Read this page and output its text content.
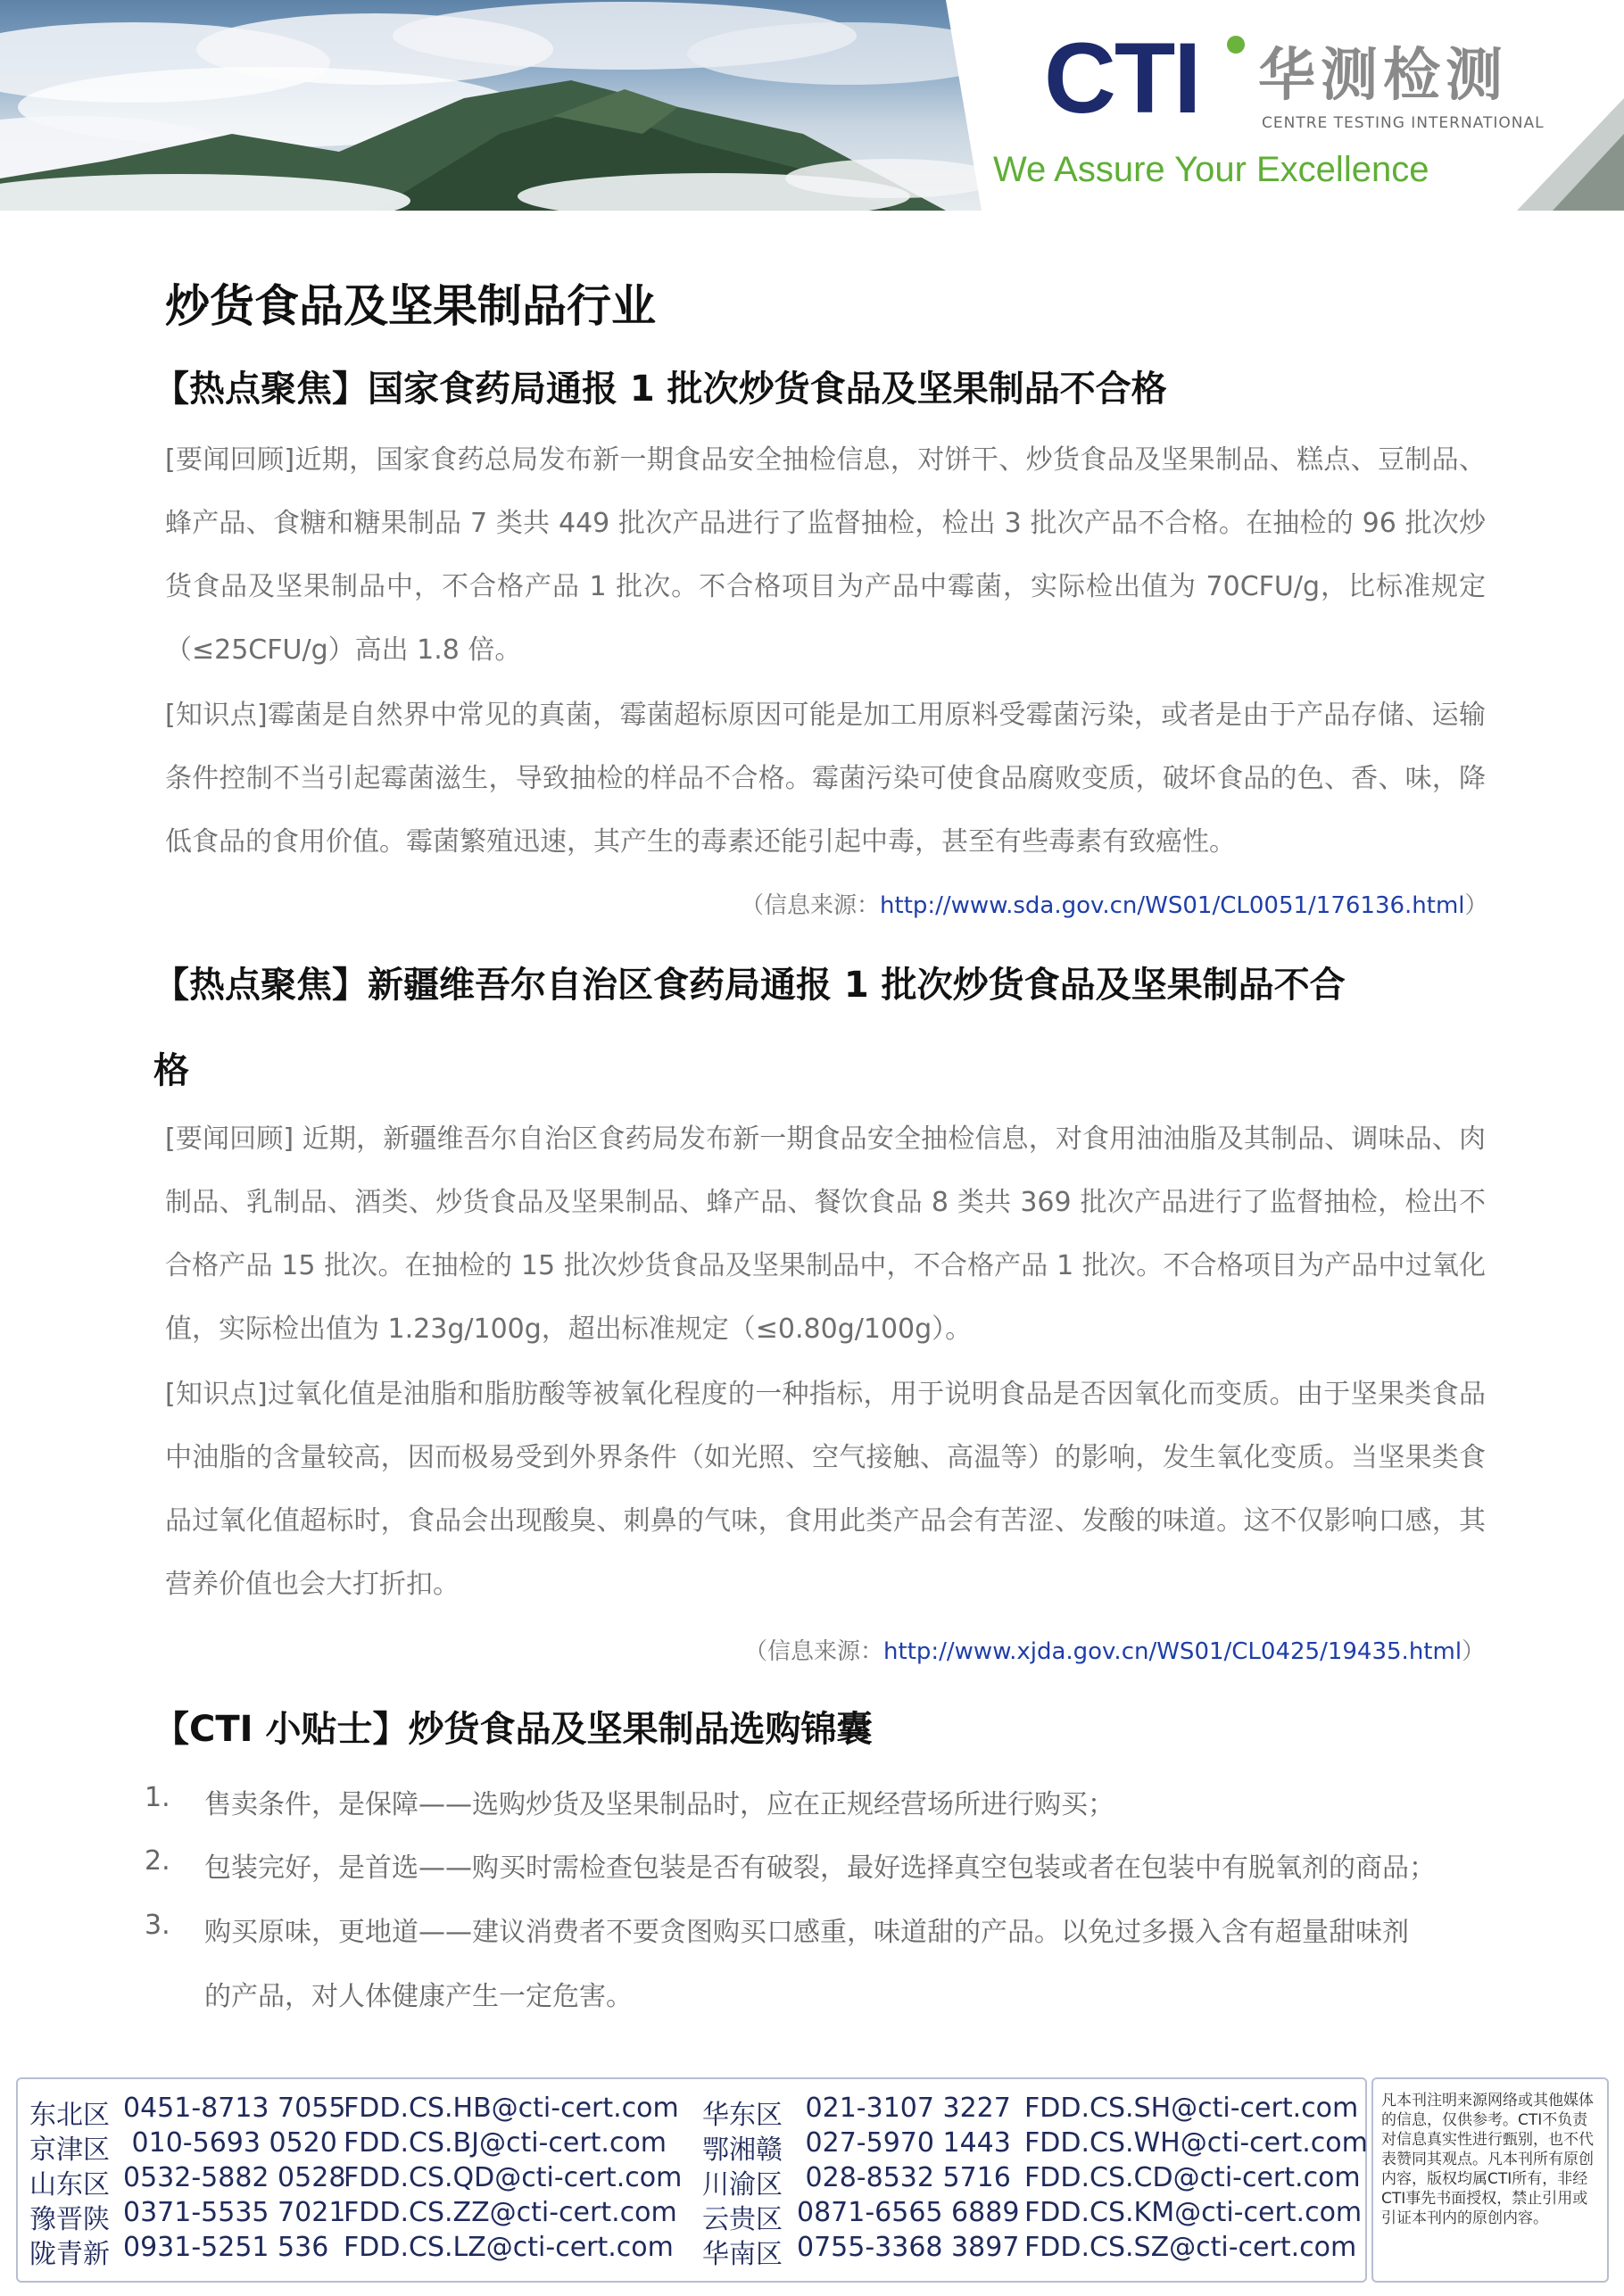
CTI 华测检测
CENTRE TESTING INTERNATIONAL
We Assure Your Excellence
炒货食品及坚果制品行业
【热点聚焦】国家食药局通报 1 批次炒货食品及坚果制品不合格
[要闻回顾]近期，国家食药总局发布新一期食品安全抽检信息，对饼干、炒货食品及坚果制品、糕点、豆制品、蜂产品、食糖和糖果制品 7 类共 449 批次产品进行了监督抽检，检出 3 批次产品不合格。在抽检的 96 批次炒货食品及坚果制品中，不合格产品 1 批次。不合格项目为产品中霉菌，实际检出值为 70CFU/g，比标准规定（≤25CFU/g）高出 1.8 倍。
[知识点]霉菌是自然界中常见的真菌，霉菌超标原因可能是加工用原料受霉菌污染，或者是由于产品存储、运输条件控制不当引起霉菌滋生，导致抽检的样品不合格。霉菌污染可使食品腐败变质，破坏食品的色、香、味，降低食品的食用价值。霉菌繁殖迅速，其产生的毒素还能引起中毒，甚至有些毒素有致癌性。
（信息来源：http://www.sda.gov.cn/WS01/CL0051/176136.html）
【热点聚焦】新疆维吾尔自治区食药局通报 1 批次炒货食品及坚果制品不合
格
[要闻回顾] 近期，新疆维吾尔自治区食药局发布新一期食品安全抽检信息，对食用油油脂及其制品、调味品、肉制品、乳制品、酒类、炒货食品及坚果制品、蜂产品、餐饮食品 8 类共 369 批次产品进行了监督抽检，检出不合格产品 15 批次。在抽检的 15 批次炒货食品及坚果制品中，不合格产品 1 批次。不合格项目为产品中过氧化值，实际检出值为 1.23g/100g，超出标准规定（≤0.80g/100g）。
[知识点]过氧化值是油脂和脂肪酸等被氧化程度的一种指标，用于说明食品是否因氧化而变质。由于坚果类食品中油脂的含量较高，因而极易受到外界条件（如光照、空气接触、高温等）的影响，发生氧化变质。当坚果类食品过氧化值超标时，食品会出现酸臭、刺鼻的气味，食用此类产品会有苦涩、发酸的味道。这不仅影响口感，其营养价值也会大打折扣。
（信息来源：http://www.xjda.gov.cn/WS01/CL0425/19435.html）
【CTI 小贴士】炒货食品及坚果制品选购锦囊
1. 售卖条件，是保障——选购炒货及坚果制品时，应在正规经营场所进行购买；
2. 包装完好，是首选——购买时需检查包装是否有破裂，最好选择真空包装或者在包装中有脱氧剂的商品；
3. 购买原味，更地道——建议消费者不要贪图购买口感重，味道甜的产品。以免过多摄入含有超量甜味剂
的产品，对人体健康产生一定危害。
东北区 0451-8713 7055
FDD.CS.HB@cti-cert.com
京津区 010-5693 0520 FDD.CS.BJ@cti-cert.com
山东区 0532-5882 0528
FDD.CS.QD@cti-cert.com
豫晋陕 0371-5535 7021
FDD.CS.ZZ@cti-cert.com
陇青新 0931-5251 536 FDD.CS.LZ@cti-cert.com
华东区 021-3107 3227 FDD.CS.SH@cti-cert.com
鄂湘赣 027-5970 1443 FDD.CS.WH@cti-cert.com
川渝区 028-8532 5716 FDD.CS.CD@cti-cert.com
云贵区 0871-6565 6889 FDD.CS.KM@cti-cert.com
华南区 0755-3368 3897 FDD.CS.SZ@cti-cert.com
凡本刊注明来源网络或其他媒体的信息，仅供参考。CTI不负责对信息真实性进行甄别，也不代表赞同其观点。凡本刊所有原创内容，版权均属CTI所有，非经 CTI事先书面授权，禁止引用或引证本刊内的原创内容。
